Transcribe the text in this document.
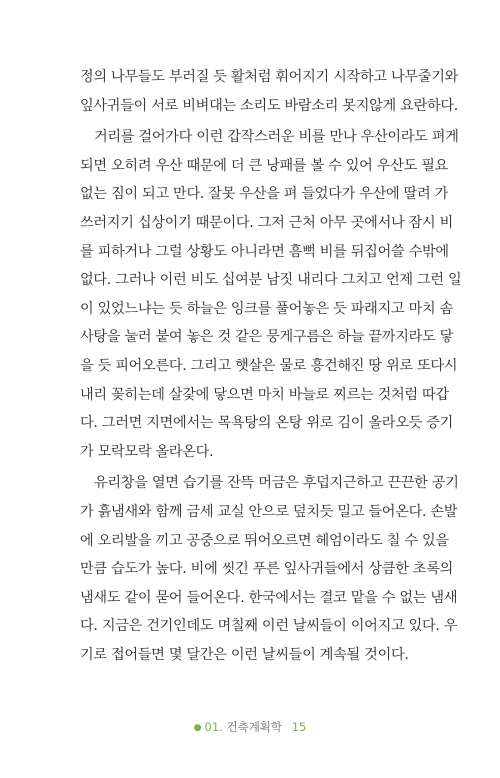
정의 나무들도 부러질 듯 활처럼 휘어지기 시작하고 나무줄기와
잎사귀들이 서로 비벼대는 소리도 바람소리 못지않게 요란하다.
거리를 걸어가다 이런 갑작스러운 비를 만나 우산이라도 펴게
되면 오히려 우산 때문에 더 큰 낭패를 볼 수 있어 우산도 필요
없는 짐이 되고 만다. 잘못 우산을 펴 들었다가 우산에 딸려 가
쓰러지기 십상이기 때문이다. 그저 근처 아무 곳에서나 잠시 비
를 피하거나 그럴 상황도 아니라면 흠뻑 비를 뒤집어쓸 수밖에
없다. 그러나 이런 비도 십여분 남짓 내리다 그치고 언제 그런 일
이 있었느냐는 듯 하늘은 잉크를 풀어놓은 듯 파래지고 마치 솜
사탕을 눌러 붙여 놓은 것 같은 뭉게구름은 하늘 끝까지라도 닿
을 듯 피어오른다. 그리고 햇살은 물로 흥건해진 땅 위로 또다시
내리 꽂히는데 살갗에 닿으면 마치 바늘로 찌르는 것처럼 따갑
다. 그러면 지면에서는 목욕탕의 온탕 위로 김이 올라오듯 증기
가 모락모락 올라온다.
유리창을 열면 습기를 잔뜩 머금은 후덥지근하고 끈끈한 공기
가 흙냄새와 함께 금세 교실 안으로 덮치듯 밀고 들어온다. 손발
에 오리발을 끼고 공중으로 뛰어오르면 헤엄이라도 칠 수 있을
만큼 습도가 높다. 비에 씻긴 푸른 잎사귀들에서 상큼한 초록의
냄새도 같이 묻어 들어온다. 한국에서는 결코 맡을 수 없는 냄새
다. 지금은 건기인데도 며칠째 이런 날씨들이 이어지고 있다. 우
기로 접어들면 몇 달간은 이런 날씨들이 계속될 것이다.
● 01. 건축계획학 15
